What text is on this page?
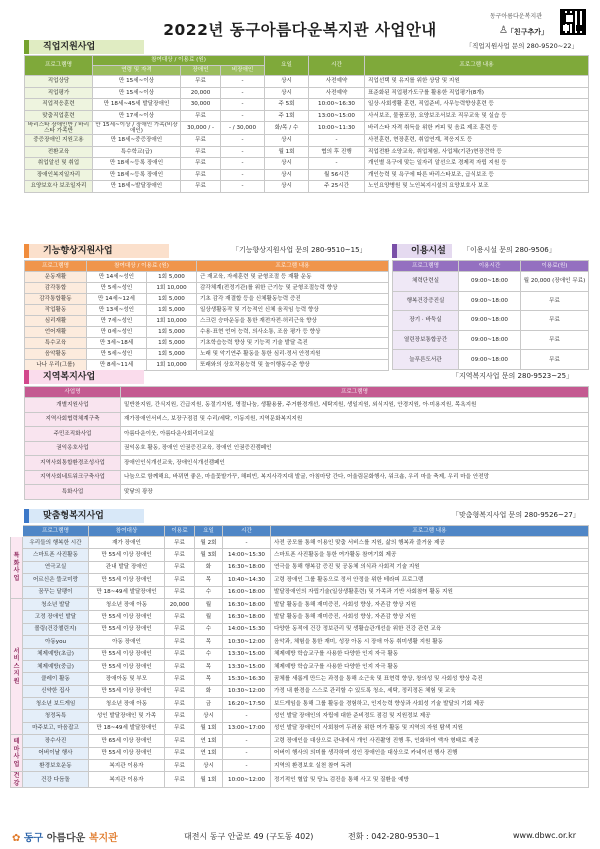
2022년 동구아름다운복지관 사업안내
동구아름다운복지관
♙
「친구추가」
「직업지원사업 문의 280-9520~22」
직업지원사업
프로그램명	참여대상 / 이용료 (원)			요일	시간	프로그램 내용
	연령 및 자격	장애인	비장애인			
직업상담	만 15세~이상	무료	-	상시	사전예약	직업선택 및 유지를 위한 상담 및 지원
직업평가	만 15세~이상	20,000	-	상시	사전예약	표준화된 직업평가도구를 활용한 직업평가(8개)
직업적응훈련	만 18세~45세 발달장애인	30,000	-	주 5회	10:00~16:30	일상·사회생활 훈련, 직업준비, 사무능력향상훈련 등
맞춤직업훈련	만 17세~이상	무료	-	주 1회	13:00~15:00	사서보조, 물품포장, 요양보조서보조 직무교육 및 실습 등
바리스타 장애인반 / 바리스타 가족반	만 15세~이상 / 장애인 가족(비장애인)	30,000 / -	- / 30,000	화/목 / 수	10:00~11:30	바리스타 자격 취득을 위한 커피 및 음료 제조 훈련 등
중증장애인 지원고용	만 18세~중증장애인	무료	-	상시	-	사전훈련, 현장훈련, 취업연계, 적응지도 등
전환교육	특수학교(급)	무료	-	월 1회	협의 후 진행	직업전환 소양교육, 취업체험, 사업체(기관)현장견학 등
취업알선 및 취업	만 18세~등록 장애인	무료	-	상시	-	개인별 욕구에 맞는 일자리 알선으로 경제적 자립 지원 등
장애인복지일자리	만 18세~등록 장애인	무료	-	상시	월 56시간	개인능력 및 욕구에 따른 바리스타보조, 급식보조 등
요양보호사 보조일자리	만 18세~발달장애인	무료	-	상시	주 25시간	노인요양병원 및 노인복지시설의 요양보호사 보조
기능향상지원사업	「기능향상지원사업 문의 280-9510~15」
프로그램명	참여대상 / 이용료 (원)		프로그램 내용
운동재활	만 14세~성인	1회 5,000	근 재교육, 자세훈련 및 균형조절 등 재활 운동
감각통합	만 5세~성인	1회 10,000	감각체계(전정기관)를 위한 근기능 및 균형조절능력 향상
감각통합활동	만 14세~12세	1회 5,000	기초 감각 재결합 등을 신체활동능력 증진
작업활동	만 13세~성인	1회 5,000	일상생활동작 및 기능적인 신체 움직임 능력 향상
심리재활	만 7세~성인	1회 10,000	스크린 승마운동을 통한 재전자전·허리근육 향상
언어재활	만 0세~성인	1회 5,000	수용·표현 언어 능력, 의사소통, 조음 평가 등 향상
특수교육	만 3세~18세	1회 5,000	기초학습능력 향상 및 기능적 기술 발달 촉진
음악활동	만 5세~성인	1회 5,000	노래 및 악기연주 활동을 통한 심리·정서 안정지원
나나 우리(그룹)	만 8세~11세	1회 10,000	또래와의 상호작용능력 및 놀이행동수준 향상
이용시설	「이용시설 문의 280-9506」
프로그램명	이용시간	이용료(원)
체력단련실	09:00~18:00	월 20,000 (장애인 무료)
행복건강증진실	09:00~18:00	무료
장기 · 바둑실	09:00~18:00	무료
열린장보통합공간	09:00~18:00	무료
늘푸른도서관	09:00~18:00	무료
지역복지사업	「지역복지사업 문의 280-9523~25」
사업명	프로그램명
개별지원사업	밑반찬지원, 간식지원, 긴급지원, 동절기지원, 명절나눔, 생활용품, 주거환경개선, 세탁지원, 생일지원, 외식지원, 안경지원, 아·미용지원, 목욕지원
지역사회협력체계구축	재가장애인서비스, 보장구점검 및 수리/세탁, 이동지원, 지역문화복지지원
주민조직화사업	아름다운이웃, 아름다운사회리더교실
권익옹호사업	권익옹호 활동, 장애인 인권증진교육, 장애인 인권증진캠페인
지역사회통합환경조성사업	장애인인식개선교육, 장애인식개선캠페인
지역사회네트워크구축사업	나눔으로 함께해요, 바뀌면 좋은, 마을꽃밭가꾸, 해피빈, 복지사각지대 발굴, 아침마당 간다, 어울림문화행사, 워크숍, 우리 마을 축제, 우리 마을 안전망
특화사업	맞닿의 광장
맞춤형복지사업	「맞춤형복지사업 문의 280-9526~27」
	프로그램명	참여대상	이용료	요일	시간	프로그램 내용
특화사업	우리들의 행복한 시간	재가 장애인	무료	월 2회	-	사전 공모를 통해 이용인 맞춤 서비스를 지원, 삶의 행복과 즐거움 제공
	스마트폰 사진활동	만 55세 이상 장애인	무료	월 3회	14:00~15:30	스마트폰 사진활동을 통한 여가활동 참여기회 제공
	연극교실	관내 발달 장애인	무료	화	16:30~18:00	연극을 통해 행복감 증진 및 공동체 의식과 사회적 기술 지원
	어르신은 뜰코미랑	만 55세 이상 장애인	무료	목	10:40~14:30	고령 장애인 그룹 활동으로 정서 안정을 위한 테라피 프로그램
	꿈꾸는 달팽이	만 18~49세 발달장애인	무료	수	16:00~18:00	발달장애인의 자립기술(일상생활훈련) 및 가족과 기반 사회참여 활동 지원
서비스지원	청소년 발달	청소년 장애 아동	20,000	월	16:30~18:00	발달 활동을 통해 재미증진, 사회성 향상, 자존감 향상 지원
	고정 장애인 발달	만 55세 이상 장애인	무료	월	16:30~18:00	발달 활동을 통해 재미증진, 사회성 향상, 자존감 향상 지원
	볼링(건강챌린지)	만 55세 이상 장애인	무료	수	14:00~15:30	다양한 동적에 건강 정보관리 및 생활습관개선을 위한 건강 관련 교육
	아동you	아동 장애인	무료	목	10:30~12:00	음악과, 체험을 통한 재미, 성장 아동 시 장애 아동 취미생활 지원 활동
	체제예방(초급)	만 55세 이상 장애인	무료	수	13:30~15:00	체제예방 학습교구를 사용한 다양한 인지 자극 활동
	체제예방(중급)	만 55세 이상 장애인	무료	목	13:30~15:00	체제예방 학습교구를 사용한 다양한 인지 자극 활동
	클레이 활동	장애아동 및 부모	무료	목	15:30~16:30	꿈체를 새롭게 만드는 과정을 통해 소근육 및 표현력 향상, 창의성 및 사회성 향상 촉진
	신약한 집사	만 55세 이상 장애인	무료	화	10:30~12:00	가정 내 환경을 스스로 관리할 수 있도록 청소, 세탁, 정리정돈 체험 및 교육
	청소년 보드게임	청소년 장애 아동	무료	금	16:20~17:50	보드게임을 통해 그룹 활동을 경험하고, 인지능력 향상과 사회성 기술 발달의 기회 제공
	청정독특	성인 발달장애인 및 가족	무료	상시	-	성인 발달 장애인의 자립에 대한 준비정도 점검 및 지원정보 제공
	마주보고, 마음잡고	만 18~49세 발달장애인	무료	월 1회	13:00~17:00	성인 발달 장애인이 사회참여 두려움 위한 여가 활동 및 지역의 자원 탐색 지원
테마사업	장수사진	만 65세 이상 장애인	무료	연 1회	-	고령 장애인을 대상으로 관내에서 개인 사진촬영 진행 후, 인화하여 액자 형태로 제공
	어버이날 행사	만 55세 이상 장애인	무료	연 1회	-	어버이 행사의 의미를 생각하며 성인 장애인을 대상으로 카네이션 행사 진행
	환경보호운동	복지관 이용자	무료	상시	-	지역의 환경보호 실천 참여 독려
건강	건강 다듬돌	복지관 이용자	무료	월 1회	10:00~12:00	정기적인 혈압 및 당뇨 검진을 통해 사고 및 질환을 예방
✿ 동구 아름다운 복지관	대전시 동구 안골로 49 (구도동 402)	전화 : 042-280-9530~1	www.dbwc.or.kr
